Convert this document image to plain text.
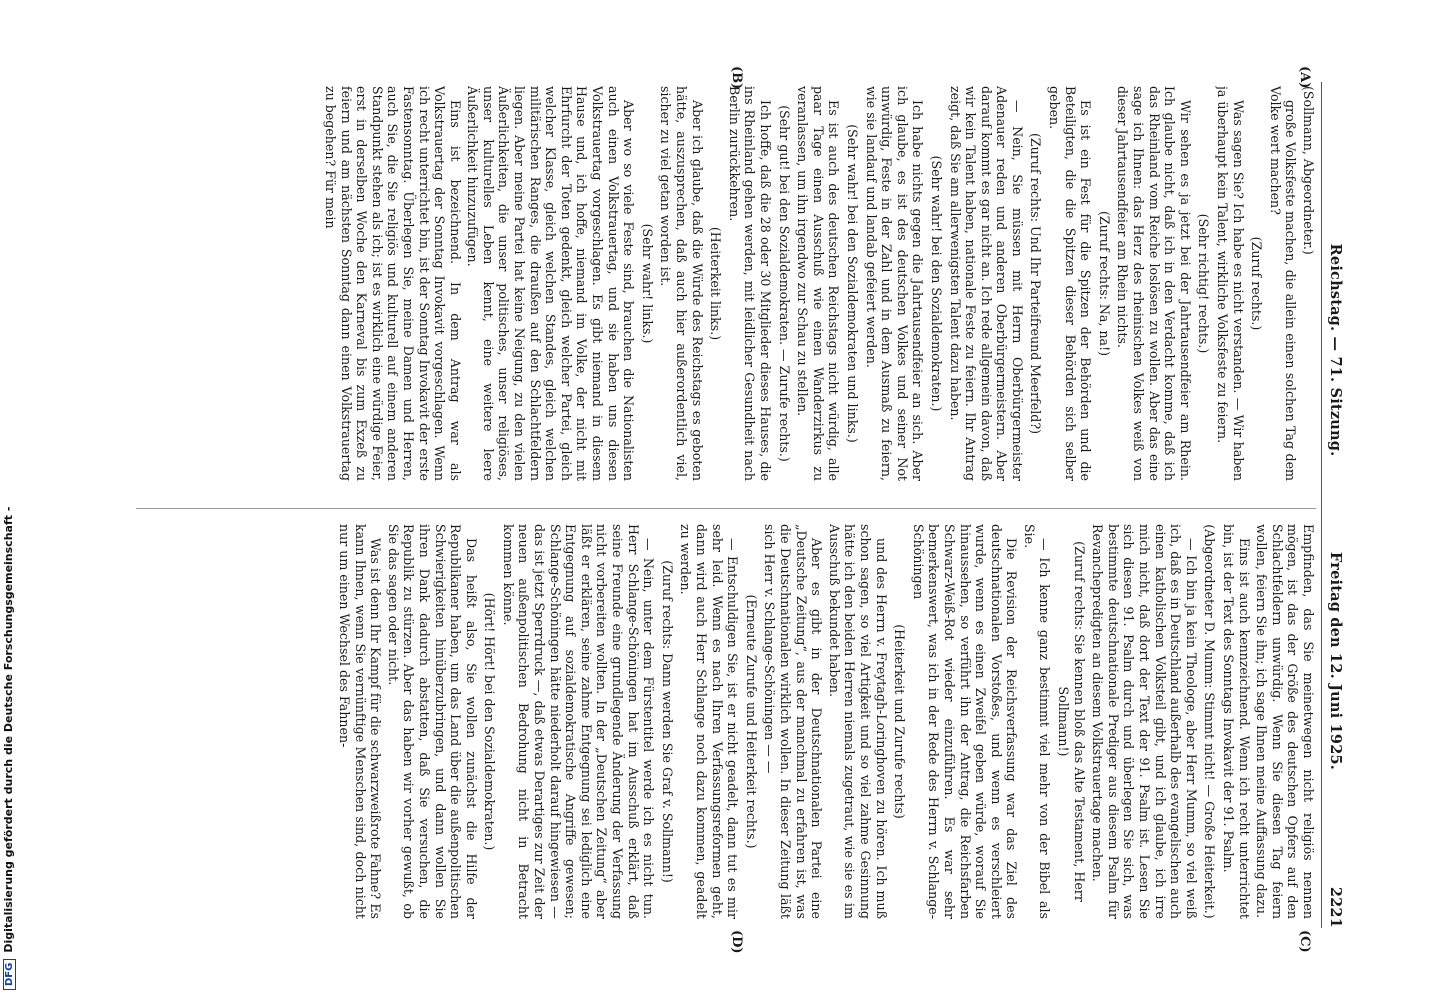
DFGDigitalisierung gefördert durch die Deutsche Forschungsgemeinschaft -
Reichstag. — 71. Sitzung.
Freitag den 12. Juni 1925.
2221
(A)
(B)
(C)
(D)

(Sollmann, Abgeordneter.)

große Volksfeste machen, die allein einen solchen Tag dem Volke wert machen?

(Zuruf rechts.)

Was sagen Sie? Ich habe es nicht verstanden. — Wir haben ja überhaupt kein Talent, wirkliche Volksfeste zu feiern.

(Sehr richtig! rechts.)

Wir sehen es ja jetzt bei der Jahrtausendfeier am Rhein. Ich glaube nicht, daß ich in den Verdacht komme, daß ich das Rheinland vom Reiche loslösen zu wollen. Aber das eine sage ich Ihnen: das Herz des rheinischen Volkes weiß von dieser Jahrtausendfeier am Rhein nichts.

(Zuruf rechts: Na, na!)

Es ist ein Fest für die Spitzen der Behörden und die Beteiligten, die die Spitzen dieser Behörden sich selber geben.

(Zuruf rechts: Und Ihr Parteifreund Meerfeld?)

— Nein, Sie müssen mit Herrn Oberbürgermeister Adenauer reden und anderen Oberbürgermeistern. Aber darauf kommt es gar nicht an. Ich rede allgemein davon, daß wir kein Talent haben, nationale Feste zu feiern. Ihr Antrag zeigt, daß Sie am allerwenigsten Talent dazu haben.

(Sehr wahr! bei den Sozialdemokraten.)

Ich habe nichts gegen die Jahrtausendfeier an sich. Aber ich glaube, es ist des deutschen Volkes und seiner Not unwürdig, Feste in der Zahl und in dem Ausmaß zu feiern, wie sie landauf und landab gefeiert werden.

(Sehr wahr! bei den Sozialdemokraten und links.)

Es ist auch des deutschen Reichstags nicht würdig, alle paar Tage einen Ausschuß wie einen Wanderzirkus zu veranlassen, um ihn irgendwo zur Schau zu stellen.

(Sehr gut! bei den Sozialdemokraten. — Zurufe rechts.)

Ich hoffe, daß die 28 oder 30 Mitglieder dieses Hauses, die ins Rheinland gehen werden, mit leidlicher Gesundheit nach Berlin zurückkehren.

(Heiterkeit links.)

Aber ich glaube, daß die Würde des Reichstags es geboten hätte, auszusprechen, daß auch hier außerordentlich viel, sicher zu viel getan worden ist.

(Sehr wahr! links.)

Aber wo so viele Feste sind, brauchen die Nationalisten auch einen Volkstrauertag, und sie haben uns diesen Volkstrauertag vorgeschlagen. Es gibt niemand in diesem Hause und, ich hoffe, niemand im Volke, der nicht mit Ehrfurcht der Toten gedenkt, gleich welcher Partei, gleich welcher Klasse, gleich welchen Standes, gleich welchen militärischen Ranges, die draußen auf den Schlachtfeldern liegen. Aber meine Partei hat keine Neigung, zu den vielen Äußerlichkeiten, die unser politisches, unser religiöses, unser kulturelles Leben kennt, eine weitere leere Äußerlichkeit hinzuzufügen.

Eins ist bezeichnend. In dem Antrag war als Volkstrauertag der Sonntag Invokavit vorgeschlagen. Wenn ich recht unterrichtet bin, ist der Sonntag Invokavit der erste Fastensonntag. Überlegen Sie, meine Damen und Herren, auch Sie, die Sie religiös und kulturell auf einem anderen Standpunkt stehen als ich; ist es wirklich eine würdige Feier, erst in derselben Woche den Karneval bis zum Exzeß zu feiern und am nächsten Sonntag dann einen Volkstrauertag zu begehen? Für mein

Empfinden, das Sie meinetwegen nicht religiös nennen mögen, ist das der Größe des deutschen Opfers auf den Schlachtfeldern unwürdig. Wenn Sie diesen Tag feiern wollen, feiern Sie ihn; ich sage Ihnen meine Auffassung dazu.

Eins ist auch kennzeichnend. Wenn ich recht unterrichtet bin, ist der Text des Sonntags Invokavit der 91. Psalm.

(Abgeordneter D. Mumm: Stimmt nicht! — Große Heiterkeit.)

— Ich bin ja kein Theologe, aber Herr Mumm, so viel weiß ich, daß es in Deutschland außerhalb des evangelischen auch einen katholischen Volksteil gibt, und ich glaube, ich irre mich nicht, daß dort der Text der 91. Psalm ist. Lesen Sie sich diesen 91. Psalm durch und überlegen Sie sich, was bestimmte deutschnationale Prediger aus diesem Psalm für Revanchepredigten an diesem Volkstrauertage machen.

(Zuruf rechts: Sie kennen bloß das Alte Testament, Herr Sollmann!)

— Ich kenne ganz bestimmt viel mehr von der Bibel als Sie.

Die Revision der Reichsverfassung war das Ziel des deutschnationalen Vorstoßes, und wenn es verschleiert wurde, wenn es einen Zweifel geben würde, worauf Sie hinaussehen, so verführt ihn der Antrag, die Reichsfarben Schwarz-Weiß-Rot wieder einzuführen. Es war sehr bemerkenswert, was ich in der Rede des Herrn v. Schlange-Schöningen

(Heiterkeit und Zurufe rechts)

und des Herrn v. Freytagh-Loringhoven zu hören. Ich muß schon sagen, so viel Artigkeit und so viel zahme Gesinnung hätte ich den beiden Herren niemals zugetraut, wie sie es im Ausschuß bekundet haben.

Aber es gibt in der Deutschnationalen Partei eine „Deutsche Zeitung“, aus der manchmal zu erfahren ist, was die Deutschnationalen wirklich wollen. In dieser Zeitung läßt sich Herr v. Schlange-Schöningen — —

(Erneute Zurufe und Heiterkeit rechts.)

— Entschuldigen Sie, ist er nicht geadelt, dann tut es mir sehr leid. Wenn es nach Ihren Verfassungsreformen geht, dann wird auch Herr Schlange noch dazu kommen, geadelt zu werden.

(Zuruf rechts: Dann werden Sie Graf v. Sollmann!)

— Nein, unter dem Fürstentitel werde ich es nicht tun. Herr Schlange-Schöningen hat im Ausschuß erklärt, daß seine Freunde eine grundlegende Änderung der Verfassung nicht vorbereiten wollten. In der „Deutschen Zeitung“ aber läßt er erklären, seine zahme Entgegnung sei lediglich eine Entgegnung auf sozialdemokratische Angriffe gewesen; Schlange-Schöningen hätte niederholt darauf hingewiesen — das ist jetzt Sperrdruck —, daß etwas Derartiges zur Zeit der neuen außenpolitischen Bedrohung nicht in Betracht kommen könne.

(Hört! Hört! bei den Sozialdemokraten.)

Das heißt also, Sie wollen zunächst die Hilfe der Republikaner haben, um das Land über die außenpolitischen Schwierigkeiten hinüberzubringen, und dann wollen Sie ihren Dank dadurch abstatten, daß Sie versuchen, die Republik zu stürzen. Aber das haben wir vorher gewußt, ob Sie das sagen oder nicht.

Was ist denn Ihr Kampf für die schwarzweißrote Fahne? Es kann Ihnen, wenn Sie vernünftige Menschen sind, doch nicht nur um einen Wechsel des Fahnen-
